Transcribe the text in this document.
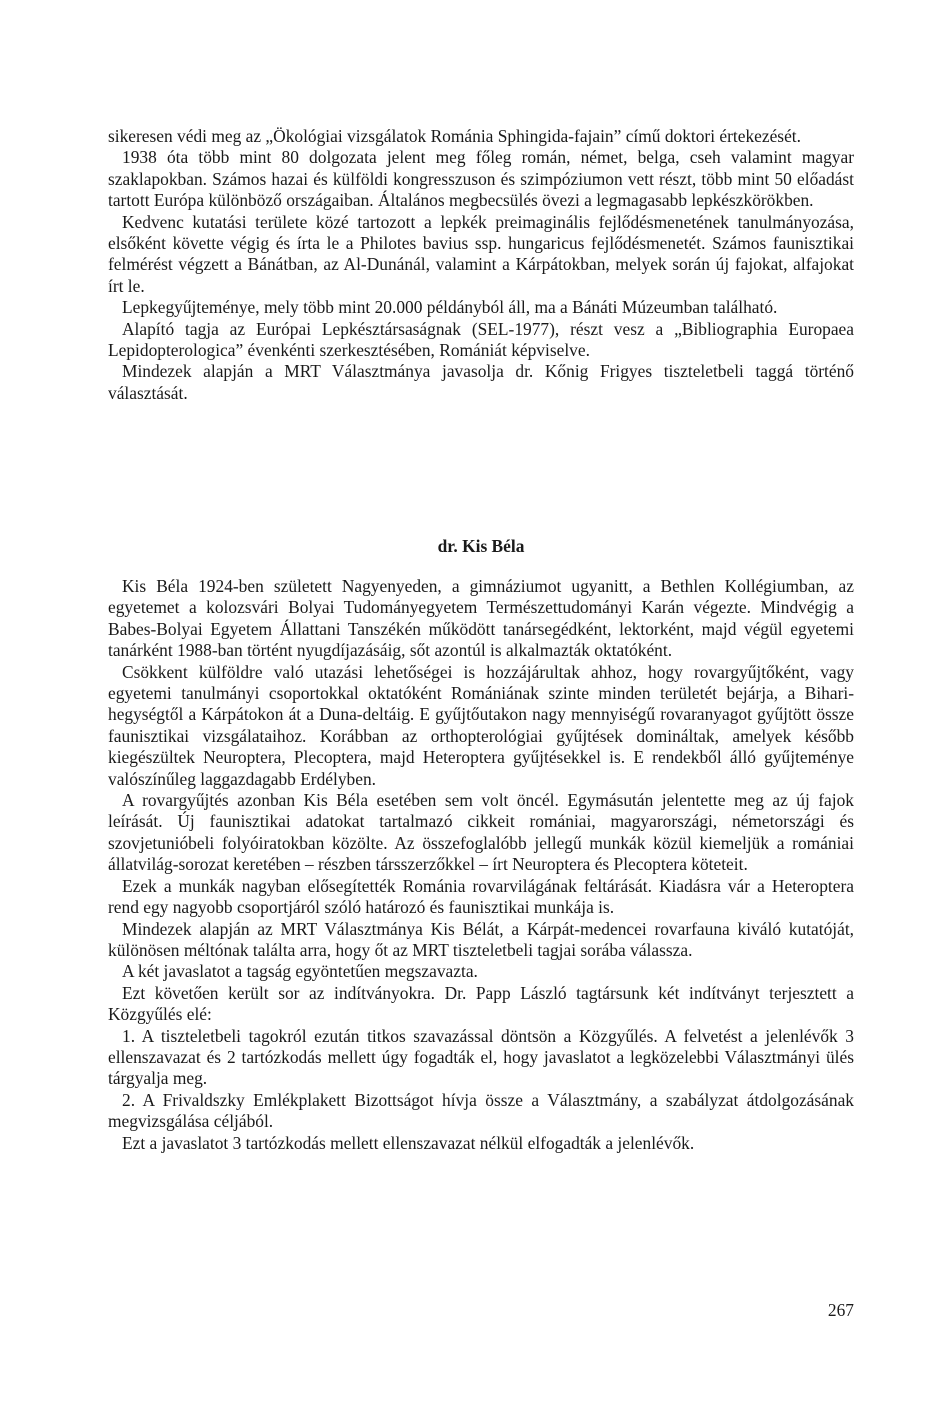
sikeresen védi meg az „Ökológiai vizsgálatok Románia Sphingida-fajain” című doktori értekezését.

1938 óta több mint 80 dolgozata jelent meg főleg román, német, belga, cseh valamint magyar szaklapokban. Számos hazai és külföldi kongresszuson és szimpóziumon vett részt, több mint 50 előadást tartott Európa különböző országaiban. Általános megbecsülés övezi a legmagasabb lepkészkörökben.

Kedvenc kutatási területe közé tartozott a lepkék preimaginális fejlődésmenetének tanulmányozása, elsőként követte végig és írta le a Philotes bavius ssp. hungaricus fejlődésmenetét. Számos faunisztikai felmérést végzett a Bánátban, az Al-Dunánál, valamint a Kárpátokban, melyek során új fajokat, alfajokat írt le.

Lepkegyűjteménye, mely több mint 20.000 példányból áll, ma a Bánáti Múzeumban található.

Alapító tagja az Európai Lepkésztársaságnak (SEL-1977), részt vesz a „Bibliographia Europaea Lepidopterologica” évenkénti szerkesztésében, Romániát képviselve.

Mindezek alapján a MRT Választmánya javasolja dr. Kőnig Frigyes tiszteletbeli taggá történő választását.

dr. Kis Béla

Kis Béla 1924-ben született Nagyenyeden, a gimnáziumot ugyanitt, a Bethlen Kollégiumban, az egyetemet a kolozsvári Bolyai Tudományegyetem Természettudományi Karán végezte. Mindvégig a Babes-Bolyai Egyetem Állattani Tanszékén működött tanársegédként, lektorként, majd végül egyetemi tanárként 1988-ban történt nyugdíjazásáig, sőt azontúl is alkalmazták oktatóként.

Csökkent külföldre való utazási lehetőségei is hozzájárultak ahhoz, hogy rovargyűjtőként, vagy egyetemi tanulmányi csoportokkal oktatóként Romániának szinte minden területét bejárja, a Bihari-hegységtől a Kárpátokon át a Duna-deltáig. E gyűjtőutakon nagy mennyiségű rovaranyagot gyűjtött össze faunisztikai vizsgálataihoz. Korábban az orthopterológiai gyűjtések domináltak, amelyek később kiegészültek Neuroptera, Plecoptera, majd Heteroptera gyűjtésekkel is. E rendekből álló gyűjteménye valószínűleg laggazdagabb Erdélyben.

A rovargyűjtés azonban Kis Béla esetében sem volt öncél. Egymásután jelentette meg az új fajok leírását. Új faunisztikai adatokat tartalmazó cikkeit romániai, magyarországi, németországi és szovjetunióbeli folyóiratokban közölte. Az összefoglalóbb jellegű munkák közül kiemeljük a romániai állatvilág-sorozat keretében – részben társszerzőkkel – írt Neuroptera és Plecoptera köteteit.

Ezek a munkák nagyban elősegítették Románia rovarvilágának feltárását. Kiadásra vár a Heteroptera rend egy nagyobb csoportjáról szóló határozó és faunisztikai munkája is.

Mindezek alapján az MRT Választmánya Kis Bélát, a Kárpát-medencei rovarfauna kiváló kutatóját, különösen méltónak találta arra, hogy őt az MRT tiszteletbeli tagjai sorába válassza.

A két javaslatot a tagság egyöntetűen megszavazta.

Ezt követően került sor az indítványokra. Dr. Papp László tagtársunk két indítványt terjesztett a Közgyűlés elé:

1. A tiszteletbeli tagokról ezután titkos szavazással döntsön a Közgyűlés. A felvetést a jelenlévők 3 ellenszavazat és 2 tartózkodás mellett úgy fogadták el, hogy javaslatot a legközelebbi Választmányi ülés tárgyalja meg.

2. A Frivaldszky Emlékplakett Bizottságot hívja össze a Választmány, a szabályzat átdolgozásának megvizsgálása céljából.

Ezt a javaslatot 3 tartózkodás mellett ellenszavazat nélkül elfogadták a jelenlévők.

267
